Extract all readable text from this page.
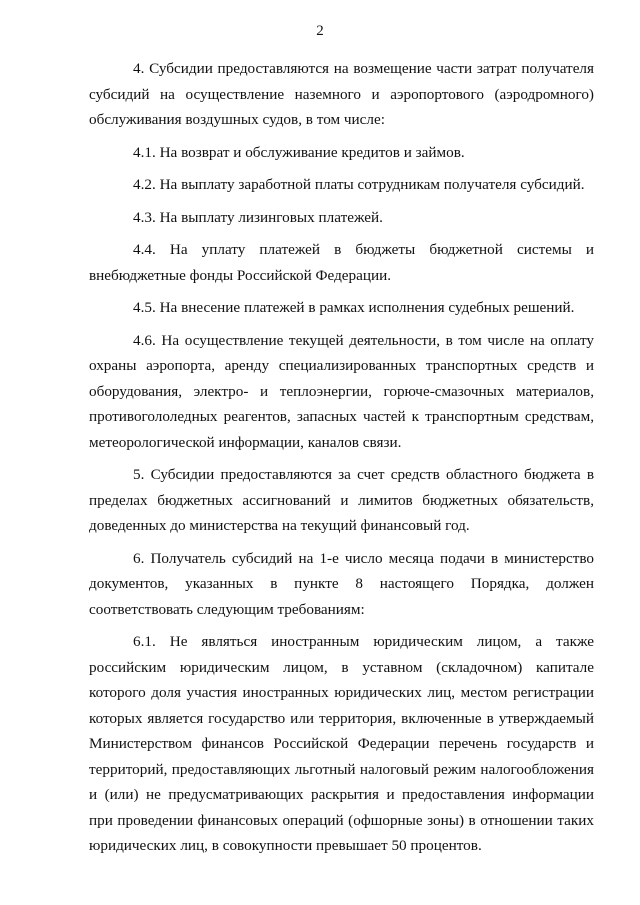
2

4. Субсидии предоставляются на возмещение части затрат получателя субсидий на осуществление наземного и аэропортового (аэродромного) обслуживания воздушных судов, в том числе:

4.1. На возврат и обслуживание кредитов и займов.

4.2. На выплату заработной платы сотрудникам получателя субсидий.

4.3. На выплату лизинговых платежей.

4.4. На уплату платежей в бюджеты бюджетной системы и внебюджетные фонды Российской Федерации.

4.5. На внесение платежей в рамках исполнения судебных решений.

4.6. На осуществление текущей деятельности, в том числе на оплату охраны аэропорта, аренду специализированных транспортных средств и оборудования, электро- и теплоэнергии, горюче-смазочных материалов, противогололедных реагентов, запасных частей к транспортным средствам, метеорологической информации, каналов связи.

5. Субсидии предоставляются за счет средств областного бюджета в пределах бюджетных ассигнований и лимитов бюджетных обязательств, доведенных до министерства на текущий финансовый год.

6. Получатель субсидий на 1-е число месяца подачи в министерство документов, указанных в пункте 8 настоящего Порядка, должен соответствовать следующим требованиям:

6.1. Не являться иностранным юридическим лицом, а также российским юридическим лицом, в уставном (складочном) капитале которого доля участия иностранных юридических лиц, местом регистрации которых является государство или территория, включенные в утверждаемый Министерством финансов Российской Федерации перечень государств и территорий, предоставляющих льготный налоговый режим налогообложения и (или) не предусматривающих раскрытия и предоставления информации при проведении финансовых операций (офшорные зоны) в отношении таких юридических лиц, в совокупности превышает 50 процентов.
